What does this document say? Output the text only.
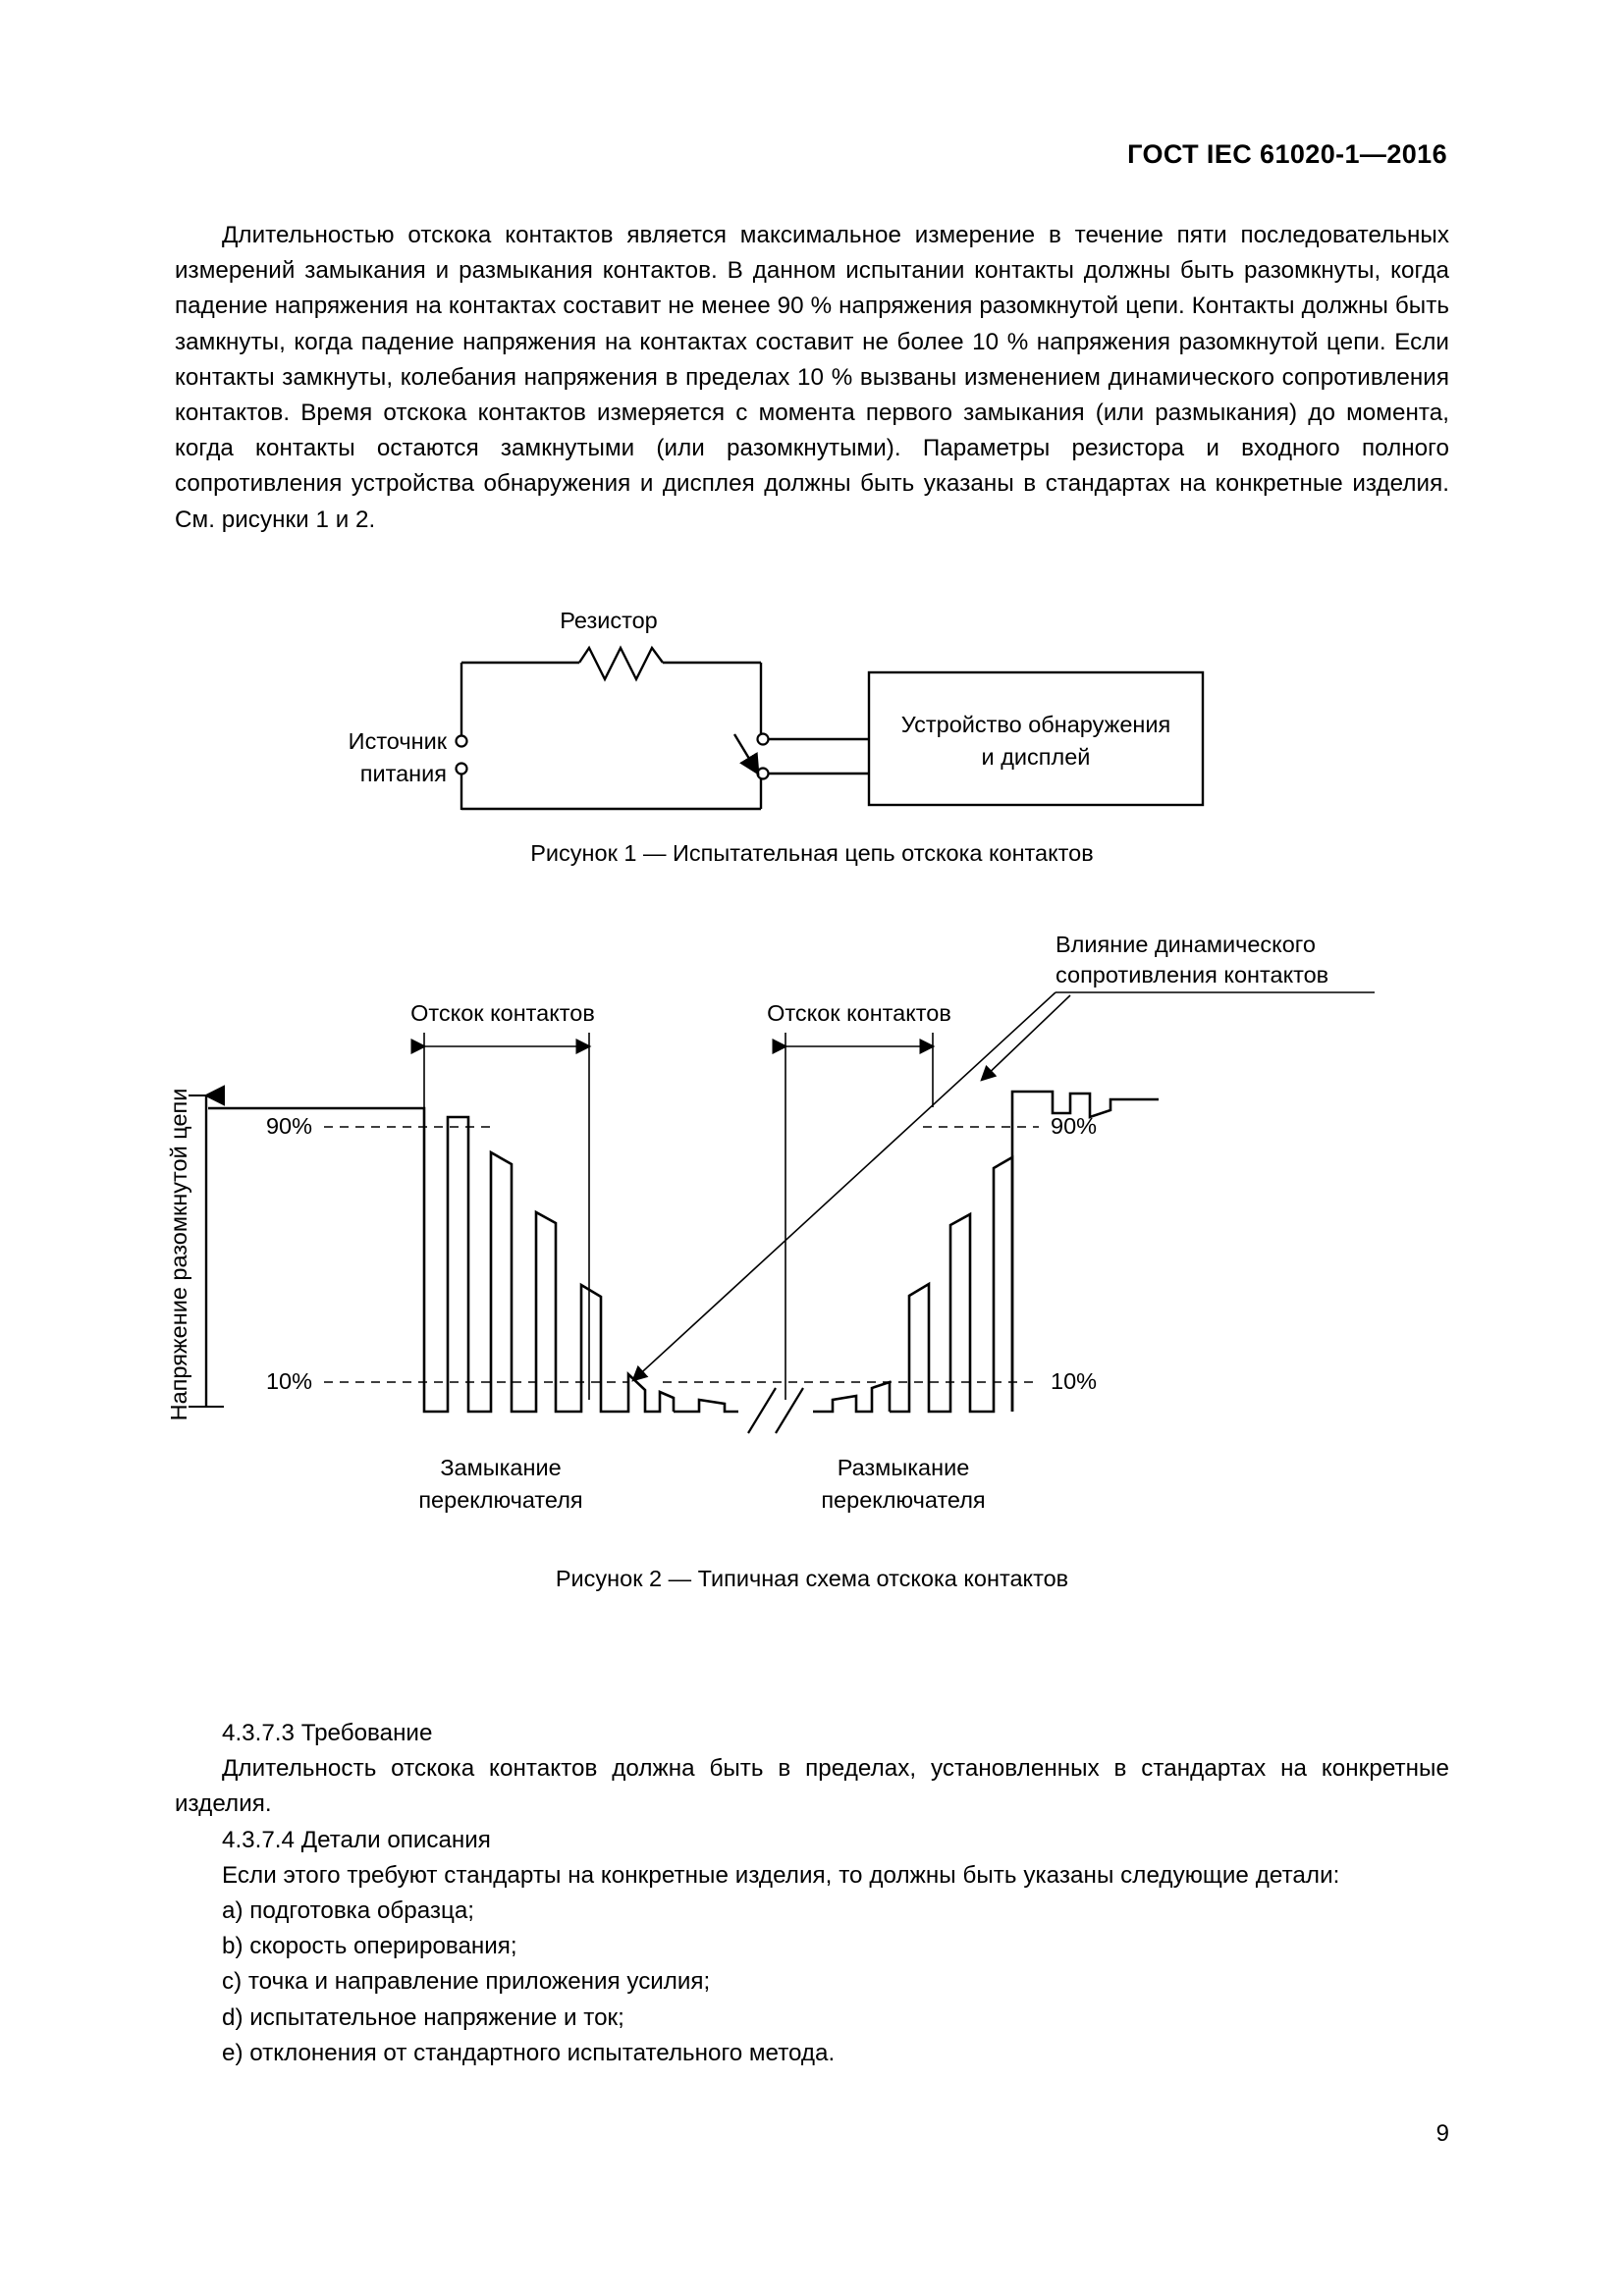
ГОСТ IEC 61020-1—2016

Длительностью отскока контактов является максимальное измерение в течение пяти последовательных измерений замыкания и размыкания контактов. В данном испытании контакты должны быть разомкнуты, когда падение напряжения на контактах составит не менее 90 % напряжения разомкнутой цепи. Контакты должны быть замкнуты, когда падение напряжения на контактах составит не более 10 % напряжения разомкнутой цепи. Если контакты замкнуты, колебания напряжения в пределах 10 % вызваны изменением динамического сопротивления контактов. Время отскока контактов измеряется с момента первого замыкания (или размыкания) до момента, когда контакты остаются замкнутыми (или разомкнутыми). Параметры резистора и входного полного сопротивления устройства обнаружения и дисплея должны быть указаны в стандартах на конкретные изделия. См. рисунки 1 и 2.

Резистор
Источник
питания
Устройство обнаружения
и дисплей
Рисунок 1 — Испытательная цепь отскока контактов
Влияние динамического
сопротивления контактов
Отскок контактов	Отскок контактов
Напряжение разомкнутой цепи	90%
10%
90%
10%
Замыкание
переключателя
Размыкание
переключателя
Рисунок 2 — Типичная схема отскока контактов

4.3.7.3 Требование

Длительность отскока контактов должна быть в пределах, установленных в стандартах на конкретные изделия.

4.3.7.4 Детали описания

Если этого требуют стандарты на конкретные изделия, то должны быть указаны следующие детали:

a) подготовка образца;
b) скорость оперирования;
c) точка и направление приложения усилия;
d) испытательное напряжение и ток;
e) отклонения от стандартного испытательного метода.
9
